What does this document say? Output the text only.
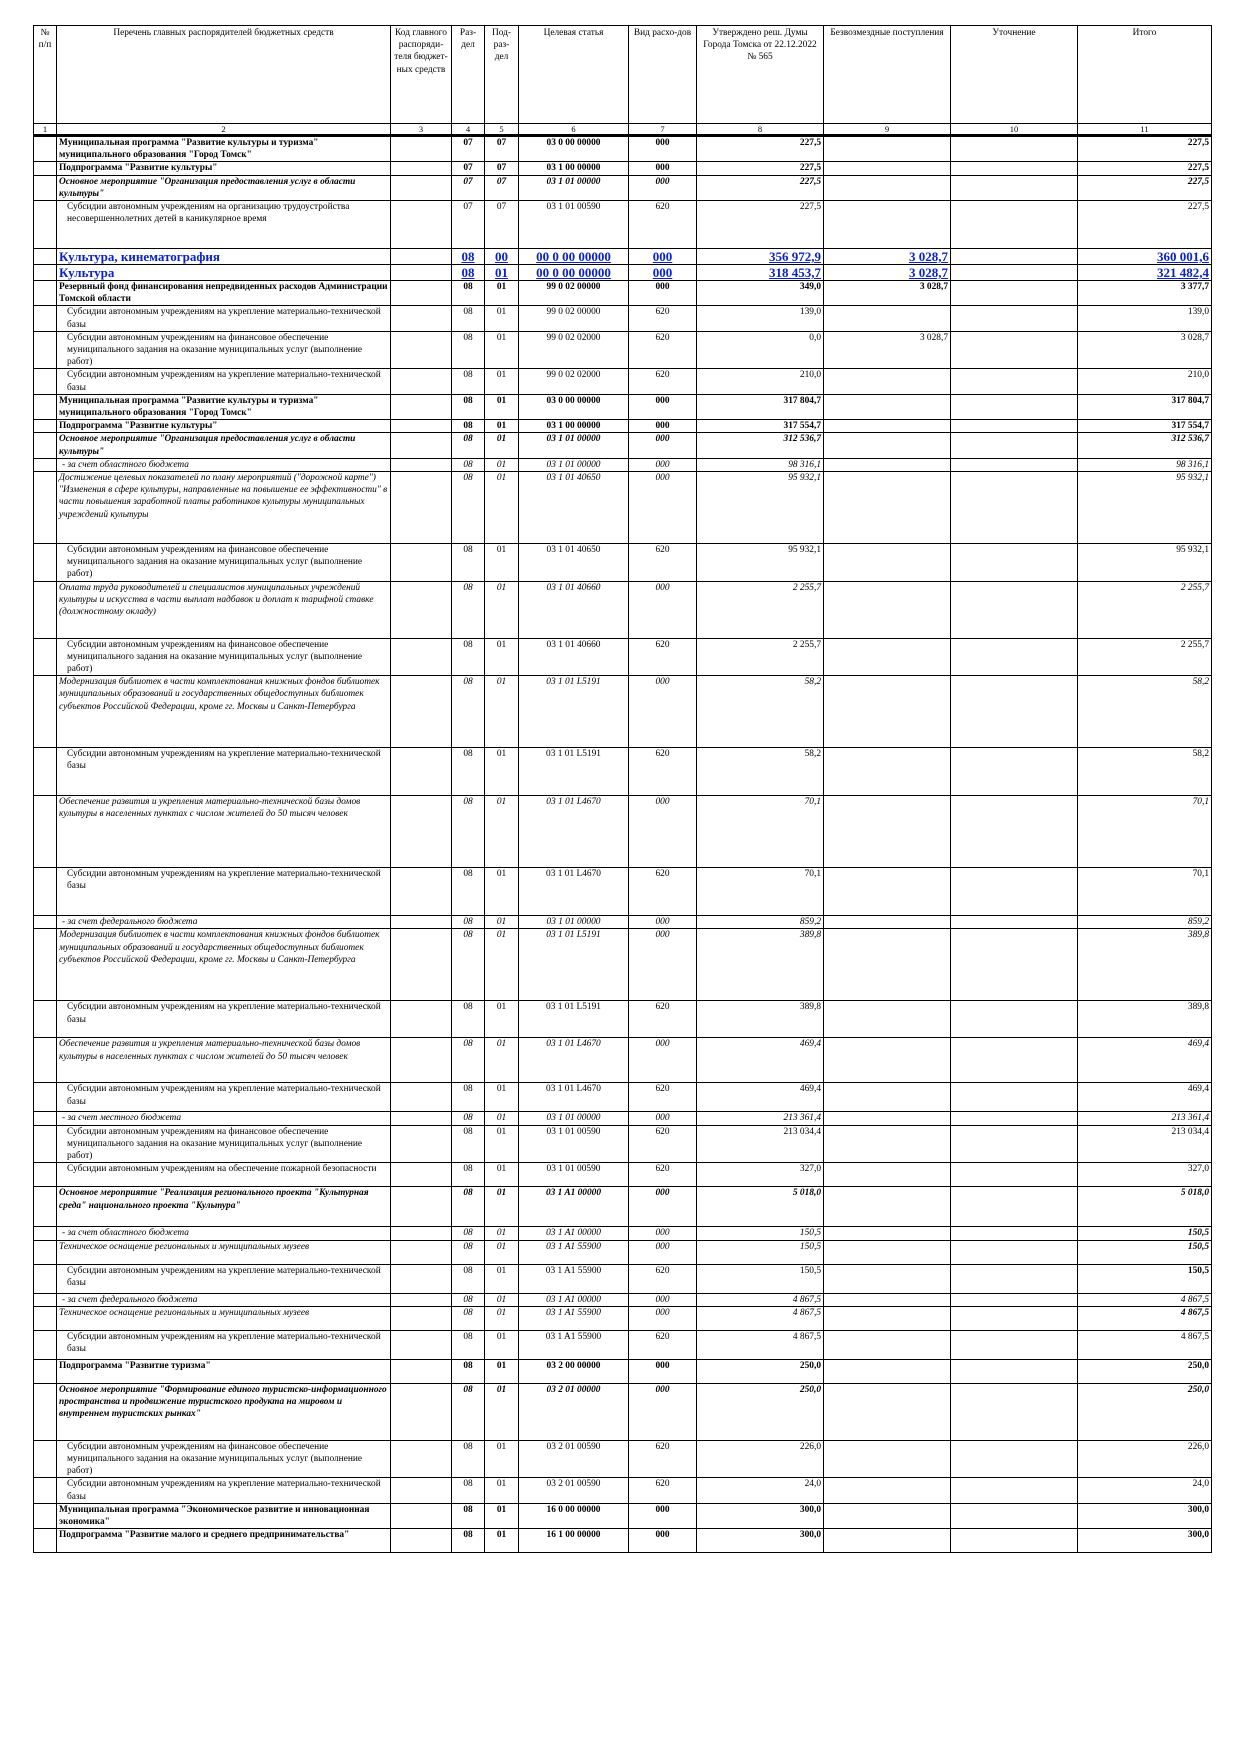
№ п/п	Перечень главных распорядителей бюджетных средств	Код главного распоряди-теля бюджет-ных средств	Раз-дел	Под-раз-дел	Целевая статья	Вид расхо-дов	Утверждено реш. Думы Города Томска от 22.12.2022 № 565	Безвозмездные поступления	Уточнение	Итого
1	2	3	4	5	6	7	8	9	10	11
	Муниципальная программа "Развитие культуры и туризма" муниципального образования "Город Томск"		07	07	03 0 00 00000	000	227,5			227,5
	Подпрограмма "Развитие культуры"		07	07	03 1 00 00000	000	227,5			227,5
	Основное мероприятие "Организация предоставления услуг в области культуры"		07	07	03 1 01 00000	000	227,5			227,5
	Субсидии автономным учреждениям на организацию трудоустройства несовершеннолетних детей в каникулярное время		07	07	03 1 01 00590	620	227,5			227,5
	Культура, кинематография		08	00	00 0 00 00000	000	356 972,9	3 028,7		360 001,6
	Культура		08	01	00 0 00 00000	000	318 453,7	3 028,7		321 482,4
	Резервный фонд финансирования непредвиденных расходов Администрации Томской области		08	01	99 0 02 00000	000	349,0	3 028,7		3 377,7
	Субсидии автономным учреждениям на укрепление материально-технической базы		08	01	99 0 02 00000	620	139,0			139,0
	Субсидии автономным учреждениям на финансовое обеспечение муниципального задания на оказание муниципальных услуг (выполнение работ)		08	01	99 0 02 02000	620	0,0	3 028,7		3 028,7
	Субсидии автономным учреждениям на укрепление материально-технической базы		08	01	99 0 02 02000	620	210,0			210,0
	Муниципальная программа "Развитие культуры и туризма" муниципального образования "Город Томск"		08	01	03 0 00 00000	000	317 804,7			317 804,7
	Подпрограмма "Развитие культуры"		08	01	03 1 00 00000	000	317 554,7			317 554,7
	Основное мероприятие "Организация предоставления услуг в области культуры"		08	01	03 1 01 00000	000	312 536,7			312 536,7
	- за счет областного бюджета		08	01	03 1 01 00000	000	98 316,1			98 316,1
	Достижение целевых показателей по плану мероприятий ("дорожной карте") "Изменения в сфере культуры, направленные на повышение ее эффективности" в части повышения заработной платы работников культуры муниципальных учреждений культуры		08	01	03 1 01 40650	000	95 932,1			95 932,1
	Субсидии автономным учреждениям на финансовое обеспечение муниципального задания на оказание муниципальных услуг (выполнение работ)		08	01	03 1 01 40650	620	95 932,1			95 932,1
	Оплата труда руководителей и специалистов муниципальных учреждений культуры и искусства в части выплат надбавок и доплат к тарифной ставке (должностному окладу)		08	01	03 1 01 40660	000	2 255,7			2 255,7
	Субсидии автономным учреждениям на финансовое обеспечение муниципального задания на оказание муниципальных услуг (выполнение работ)		08	01	03 1 01 40660	620	2 255,7			2 255,7
	Модернизация библиотек в части комплектования книжных фондов библиотек муниципальных образований и государственных общедоступных библиотек субъектов Российской Федерации, кроме гг. Москвы и Санкт-Петербурга		08	01	03 1 01 L5191	000	58,2			58,2
	Субсидии автономным учреждениям на укрепление материально-технической базы		08	01	03 1 01 L5191	620	58,2			58,2
	Обеспечение развития и укрепления материально-технической базы домов культуры в населенных пунктах с числом жителей до 50 тысяч человек		08	01	03 1 01 L4670	000	70,1			70,1
	Субсидии автономным учреждениям на укрепление материально-технической базы		08	01	03 1 01 L4670	620	70,1			70,1
	- за счет федерального бюджета		08	01	03 1 01 00000	000	859,2			859,2
	Модернизация библиотек в части комплектования книжных фондов библиотек муниципальных образований и государственных общедоступных библиотек субъектов Российской Федерации, кроме гг. Москвы и Санкт-Петербурга		08	01	03 1 01 L5191	000	389,8			389,8
	Субсидии автономным учреждениям на укрепление материально-технической базы		08	01	03 1 01 L5191	620	389,8			389,8
	Обеспечение развития и укрепления материально-технической базы домов культуры в населенных пунктах с числом жителей до 50 тысяч человек		08	01	03 1 01 L4670	000	469,4			469,4
	Субсидии автономным учреждениям на укрепление материально-технической базы		08	01	03 1 01 L4670	620	469,4			469,4
	- за счет местного бюджета		08	01	03 1 01 00000	000	213 361,4			213 361,4
	Субсидии автономным учреждениям на финансовое обеспечение муниципального задания на оказание муниципальных услуг (выполнение работ)		08	01	03 1 01 00590	620	213 034,4			213 034,4
	Субсидии автономным учреждениям на обеспечение пожарной безопасности		08	01	03 1 01 00590	620	327,0			327,0
	Основное мероприятие "Реализация регионального проекта "Культурная среда" национального проекта "Культура"		08	01	03 1 A1 00000	000	5 018,0			5 018,0
	- за счет областного бюджета		08	01	03 1 A1 00000	000	150,5			150,5
	Техническое оснащение региональных и муниципальных музеев		08	01	03 1 A1 55900	000	150,5			150,5
	Субсидии автономным учреждениям на укрепление материально-технической базы		08	01	03 1 A1 55900	620	150,5			150,5
	- за счет федерального бюджета		08	01	03 1 A1 00000	000	4 867,5			4 867,5
	Техническое оснащение региональных и муниципальных музеев		08	01	03 1 A1 55900	000	4 867,5			4 867,5
	Субсидии автономным учреждениям на укрепление материально-технической базы		08	01	03 1 A1 55900	620	4 867,5			4 867,5
	Подпрограмма "Развитие туризма"		08	01	03 2 00 00000	000	250,0			250,0
	Основное мероприятие "Формирование единого туристско-информационного пространства и продвижение туристского продукта на мировом и внутреннем туристских рынках"		08	01	03 2 01 00000	000	250,0			250,0
	Субсидии автономным учреждениям на финансовое обеспечение муниципального задания на оказание муниципальных услуг (выполнение работ)		08	01	03 2 01 00590	620	226,0			226,0
	Субсидии автономным учреждениям на укрепление материально-технической базы		08	01	03 2 01 00590	620	24,0			24,0
	Муниципальная программа "Экономическое развитие и инновационная экономика"		08	01	16 0 00 00000	000	300,0			300,0
	Подпрограмма "Развитие малого и среднего предпринимательства"		08	01	16 1 00 00000	000	300,0			300,0
